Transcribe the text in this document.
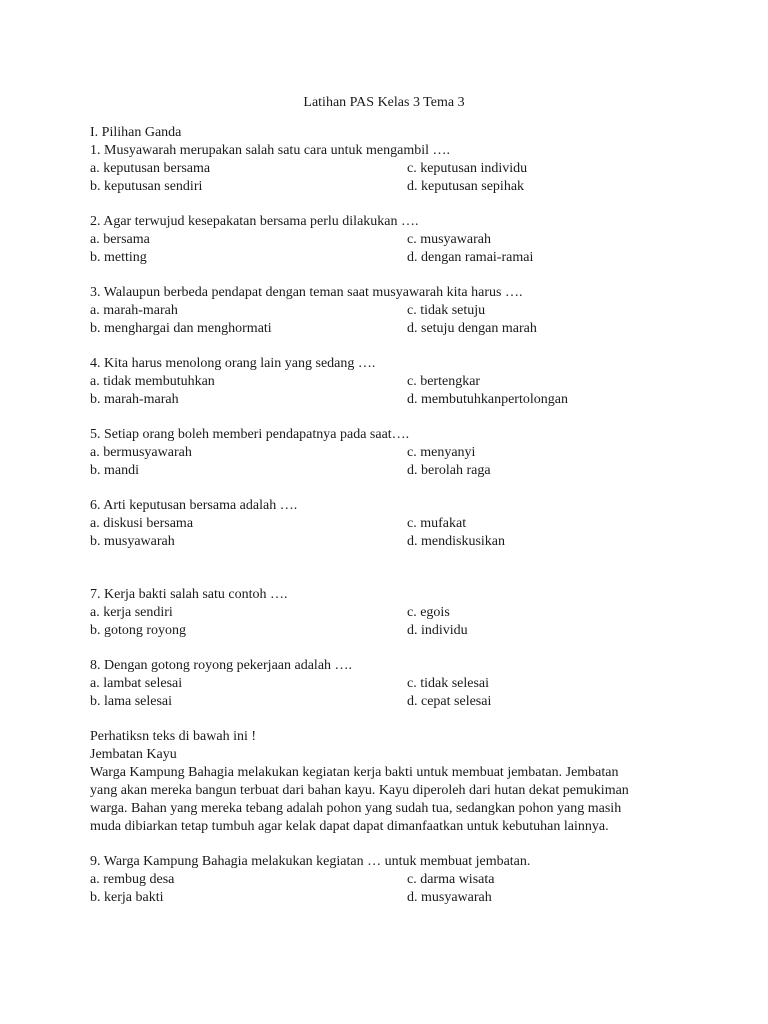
Latihan PAS Kelas 3 Tema 3
I. Pilihan Ganda
1. Musyawarah merupakan salah satu cara untuk mengambil ….
a. keputusan bersama	c. keputusan individu
b. keputusan sendiri	d. keputusan sepihak
2. Agar terwujud kesepakatan bersama perlu dilakukan ….
a. bersama	c. musyawarah
b. metting	d. dengan ramai-ramai
3. Walaupun berbeda pendapat dengan teman saat musyawarah kita harus ….
a. marah-marah	c. tidak setuju
b. menghargai dan menghormati	d. setuju dengan marah
4. Kita harus menolong orang lain yang sedang ….
a. tidak membutuhkan	c. bertengkar
b. marah-marah	d. membutuhkanpertolongan
5. Setiap orang boleh memberi pendapatnya pada saat….
a. bermusyawarah	c. menyanyi
b. mandi	d. berolah raga
6. Arti keputusan bersama adalah ….
a. diskusi bersama	c. mufakat
b. musyawarah	d. mendiskusikan
7. Kerja bakti salah satu contoh ….
a. kerja sendiri	c. egois
b. gotong royong	d. individu
8. Dengan gotong royong pekerjaan adalah ….
a. lambat selesai	c. tidak selesai
b. lama selesai	d. cepat selesai
Perhatiksn teks di bawah ini !
Jembatan Kayu
Warga Kampung Bahagia melakukan kegiatan kerja bakti untuk membuat jembatan. Jembatan
yang akan mereka bangun terbuat dari bahan kayu. Kayu diperoleh dari hutan dekat pemukiman
warga. Bahan yang mereka tebang adalah pohon yang sudah tua, sedangkan pohon yang masih
muda dibiarkan tetap tumbuh agar kelak dapat dapat dimanfaatkan untuk kebutuhan lainnya.
9. Warga Kampung Bahagia melakukan kegiatan … untuk membuat jembatan.
a. rembug desa	c. darma wisata
b. kerja bakti	d. musyawarah
